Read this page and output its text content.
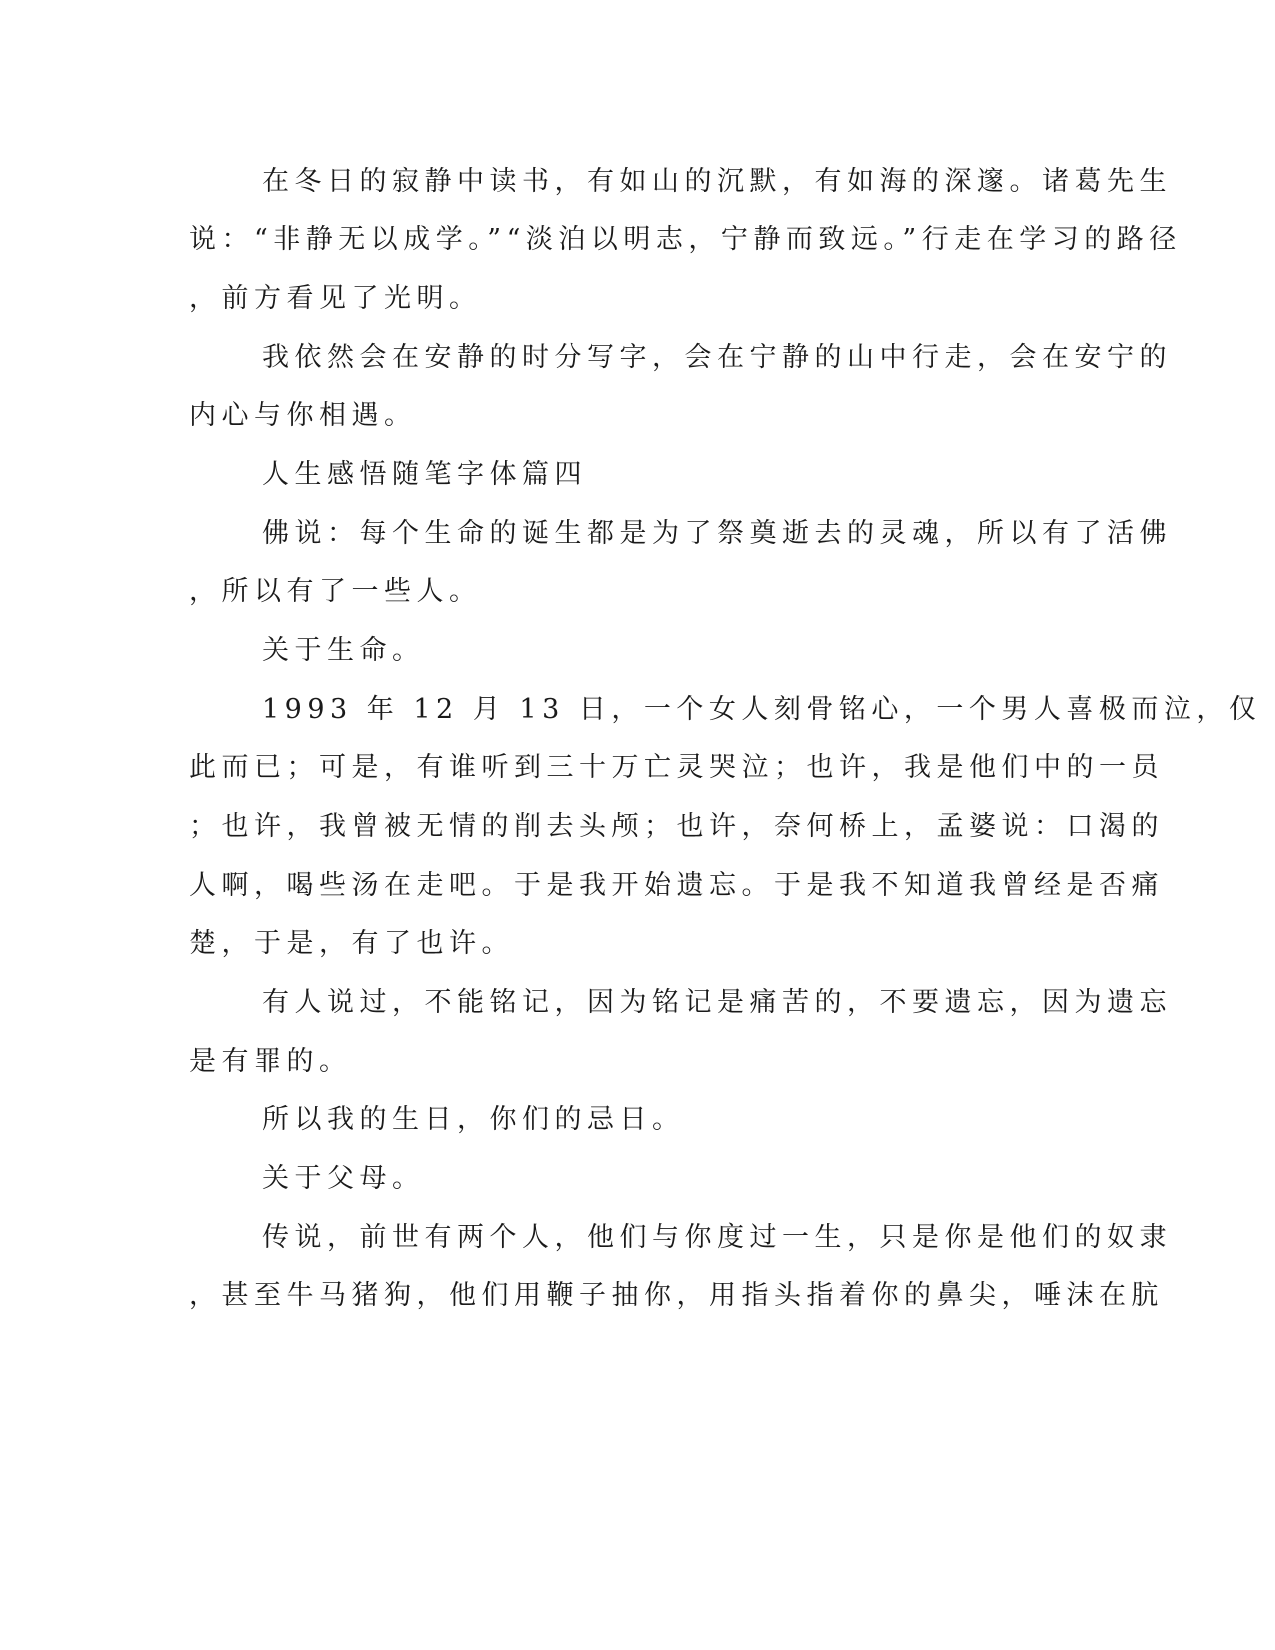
在冬日的寂静中读书，有如山的沉默，有如海的深邃。诸葛先生

说：“非静无以成学。”“淡泊以明志，宁静而致远。”行走在学习的路径

，前方看见了光明。

我依然会在安静的时分写字，会在宁静的山中行走，会在安宁的

内心与你相遇。

人生感悟随笔字体篇四

佛说：每个生命的诞生都是为了祭奠逝去的灵魂，所以有了活佛

，所以有了一些人。

关于生命。

1993 年 12 月 13 日，一个女人刻骨铭心，一个男人喜极而泣，仅

此而已；可是，有谁听到三十万亡灵哭泣；也许，我是他们中的一员

；也许，我曾被无情的削去头颅；也许，奈何桥上，孟婆说：口渴的

人啊，喝些汤在走吧。于是我开始遗忘。于是我不知道我曾经是否痛

楚，于是，有了也许。

有人说过，不能铭记，因为铭记是痛苦的，不要遗忘，因为遗忘

是有罪的。

所以我的生日，你们的忌日。

关于父母。

传说，前世有两个人，他们与你度过一生，只是你是他们的奴隶

，甚至牛马猪狗，他们用鞭子抽你，用指头指着你的鼻尖，唾沫在肮
